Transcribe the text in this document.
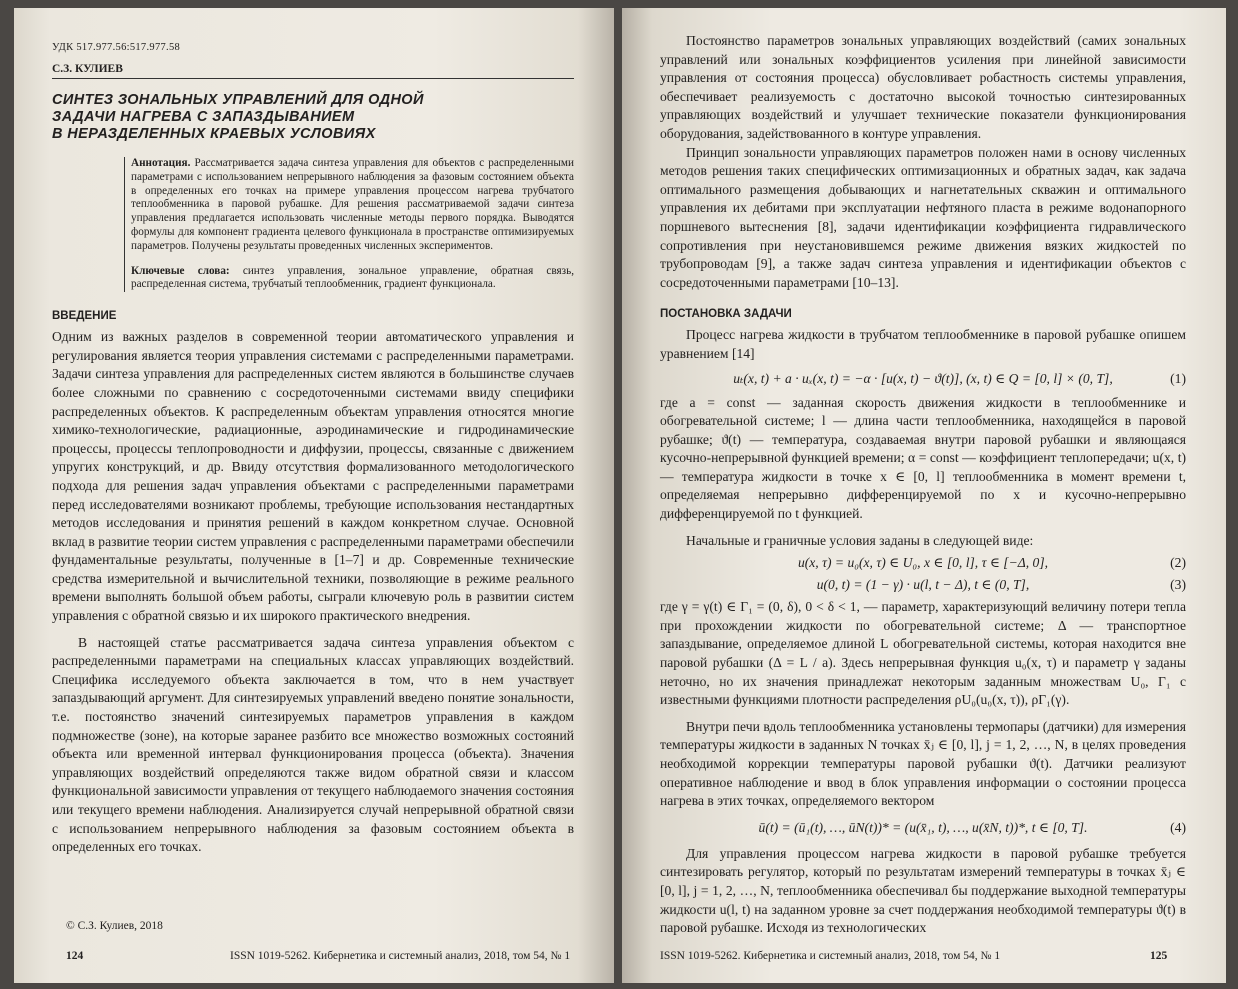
УДК 517.977.56:517.977.58

С.З. КУЛИЕВ

СИНТЕЗ ЗОНАЛЬНЫХ УПРАВЛЕНИЙ ДЛЯ ОДНОЙ
ЗАДАЧИ НАГРЕВА С ЗАПАЗДЫВАНИЕМ
В НЕРАЗДЕЛЕННЫХ КРАЕВЫХ УСЛОВИЯХ

Аннотация. Рассматривается задача синтеза управления для объектов с распределенными параметрами с использованием непрерывного наблюдения за фазовым состоянием объекта в определенных его точках на примере управления процессом нагрева трубчатого теплообменника в паровой рубашке. Для решения рассматриваемой задачи синтеза управления предлагается использовать численные методы первого порядка. Выводятся формулы для компонент градиента целевого функционала в пространстве оптимизируемых параметров. Получены результаты проведенных численных экспериментов.

Ключевые слова: синтез управления, зональное управление, обратная связь, распределенная система, трубчатый теплообменник, градиент функционала.

ВВЕДЕНИЕ

Одним из важных разделов в современной теории автоматического управления и регулирования является теория управления системами с распределенными параметрами. Задачи синтеза управления для распределенных систем являются в большинстве случаев более сложными по сравнению с сосредоточенными системами ввиду специфики распределенных объектов. К распределенным объектам управления относятся многие химико-технологические, радиационные, аэродинамические и гидродинамические процессы, процессы теплопроводности и диффузии, процессы, связанные с движением упругих конструкций, и др. Ввиду отсутствия формализованного методологического подхода для решения задач управления объектами с распределенными параметрами перед исследователями возникают проблемы, требующие использования нестандартных методов исследования и принятия решений в каждом конкретном случае. Основной вклад в развитие теории систем управления с распределенными параметрами обеспечили фундаментальные результаты, полученные в [1–7] и др. Современные технические средства измерительной и вычислительной техники, позволяющие в режиме реального времени выполнять большой объем работы, сыграли ключевую роль в развитии систем управления с обратной связью и их широкого практического внедрения.

В настоящей статье рассматривается задача синтеза управления объектом с распределенными параметрами на специальных классах управляющих воздействий. Специфика исследуемого объекта заключается в том, что в нем участвует запаздывающий аргумент. Для синтезируемых управлений введено понятие зональности, т.е. постоянство значений синтезируемых параметров управления в каждом подмножестве (зоне), на которые заранее разбито все множество возможных состояний объекта или временной интервал функционирования процесса (объекта). Значения управляющих воздействий определяются также видом обратной связи и классом функциональной зависимости управления от текущего наблюдаемого значения состояния или текущего времени наблюдения. Анализируется случай непрерывной обратной связи с использованием непрерывного наблюдения за фазовым состоянием объекта в определенных его точках.

© С.З. Кулиев, 2018
124	ISSN 1019-5262. Кибернетика и системный анализ, 2018, том 54, № 1

Постоянство параметров зональных управляющих воздействий (самих зональных управлений или зональных коэффициентов усиления при линейной зависимости управления от состояния процесса) обусловливает робастность системы управления, обеспечивает реализуемость с достаточно высокой точностью синтезированных управляющих воздействий и улучшает технические показатели функционирования оборудования, задействованного в контуре управления.

Принцип зональности управляющих параметров положен нами в основу численных методов решения таких специфических оптимизационных и обратных задач, как задача оптимального размещения добывающих и нагнетательных скважин и оптимального управления их дебитами при эксплуатации нефтяного пласта в режиме водонапорного поршневого вытеснения [8], задачи идентификации коэффициента гидравлического сопротивления при неустановившемся режиме движения вязких жидкостей по трубопроводам [9], а также задач синтеза управления и идентификации объектов с сосредоточенными параметрами [10–13].

ПОСТАНОВКА ЗАДАЧИ

Процесс нагрева жидкости в трубчатом теплообменнике в паровой рубашке опишем уравнением [14]

uₜ(x, t) + a · uₓ(x, t) = −α · [u(x, t) − ϑ(t)], (x, t) ∈ Q = [0, l] × (0, T],	(1)

где a = const — заданная скорость движения жидкости в теплообменнике и обогревательной системе; l — длина части теплообменника, находящейся в паровой рубашке; ϑ(t) — температура, создаваемая внутри паровой рубашки и являющаяся кусочно-непрерывной функцией времени; α = const — коэффициент теплопередачи; u(x, t) — температура жидкости в точке x ∈ [0, l] теплообменника в момент времени t, определяемая непрерывно дифференцируемой по x и кусочно-непрерывно дифференцируемой по t функцией.

Начальные и граничные условия заданы в следующей виде:

u(x, τ) = u₀(x, τ) ∈ U₀, x ∈ [0, l], τ ∈ [−Δ, 0],	(2)
u(0, t) = (1 − γ) · u(l, t − Δ), t ∈ (0, T],	(3)

где γ = γ(t) ∈ Γ₁ = (0, δ), 0 < δ < 1, — параметр, характеризующий величину потери тепла при прохождении жидкости по обогревательной системе; Δ — транспортное запаздывание, определяемое длиной L обогревательной системы, которая находится вне паровой рубашки (Δ = L / a). Здесь непрерывная функция u₀(x, τ) и параметр γ заданы неточно, но их значения принадлежат некоторым заданным множествам U₀, Γ₁ с известными функциями плотности распределения ρU₀(u₀(x, τ)), ρΓ₁(γ).

Внутри печи вдоль теплообменника установлены термопары (датчики) для измерения температуры жидкости в заданных N точках x̄ⱼ ∈ [0, l], j = 1, 2, …, N, в целях проведения необходимой коррекции температуры паровой рубашки ϑ(t). Датчики реализуют оперативное наблюдение и ввод в блок управления информации о состоянии процесса нагрева в этих точках, определяемого вектором

ū(t) = (ū₁(t), …, ūN(t))* = (u(x̄₁, t), …, u(x̄N, t))*, t ∈ [0, T].	(4)

Для управления процессом нагрева жидкости в паровой рубашке требуется синтезировать регулятор, который по результатам измерений температуры в точках x̄ⱼ ∈ [0, l], j = 1, 2, …, N, теплообменника обеспечивал бы поддержание выходной температуры жидкости u(l, t) на заданном уровне за счет поддержания необходимой температуры ϑ(t) в паровой рубашке. Исходя из технологических

ISSN 1019-5262. Кибернетика и системный анализ, 2018, том 54, № 1	125
